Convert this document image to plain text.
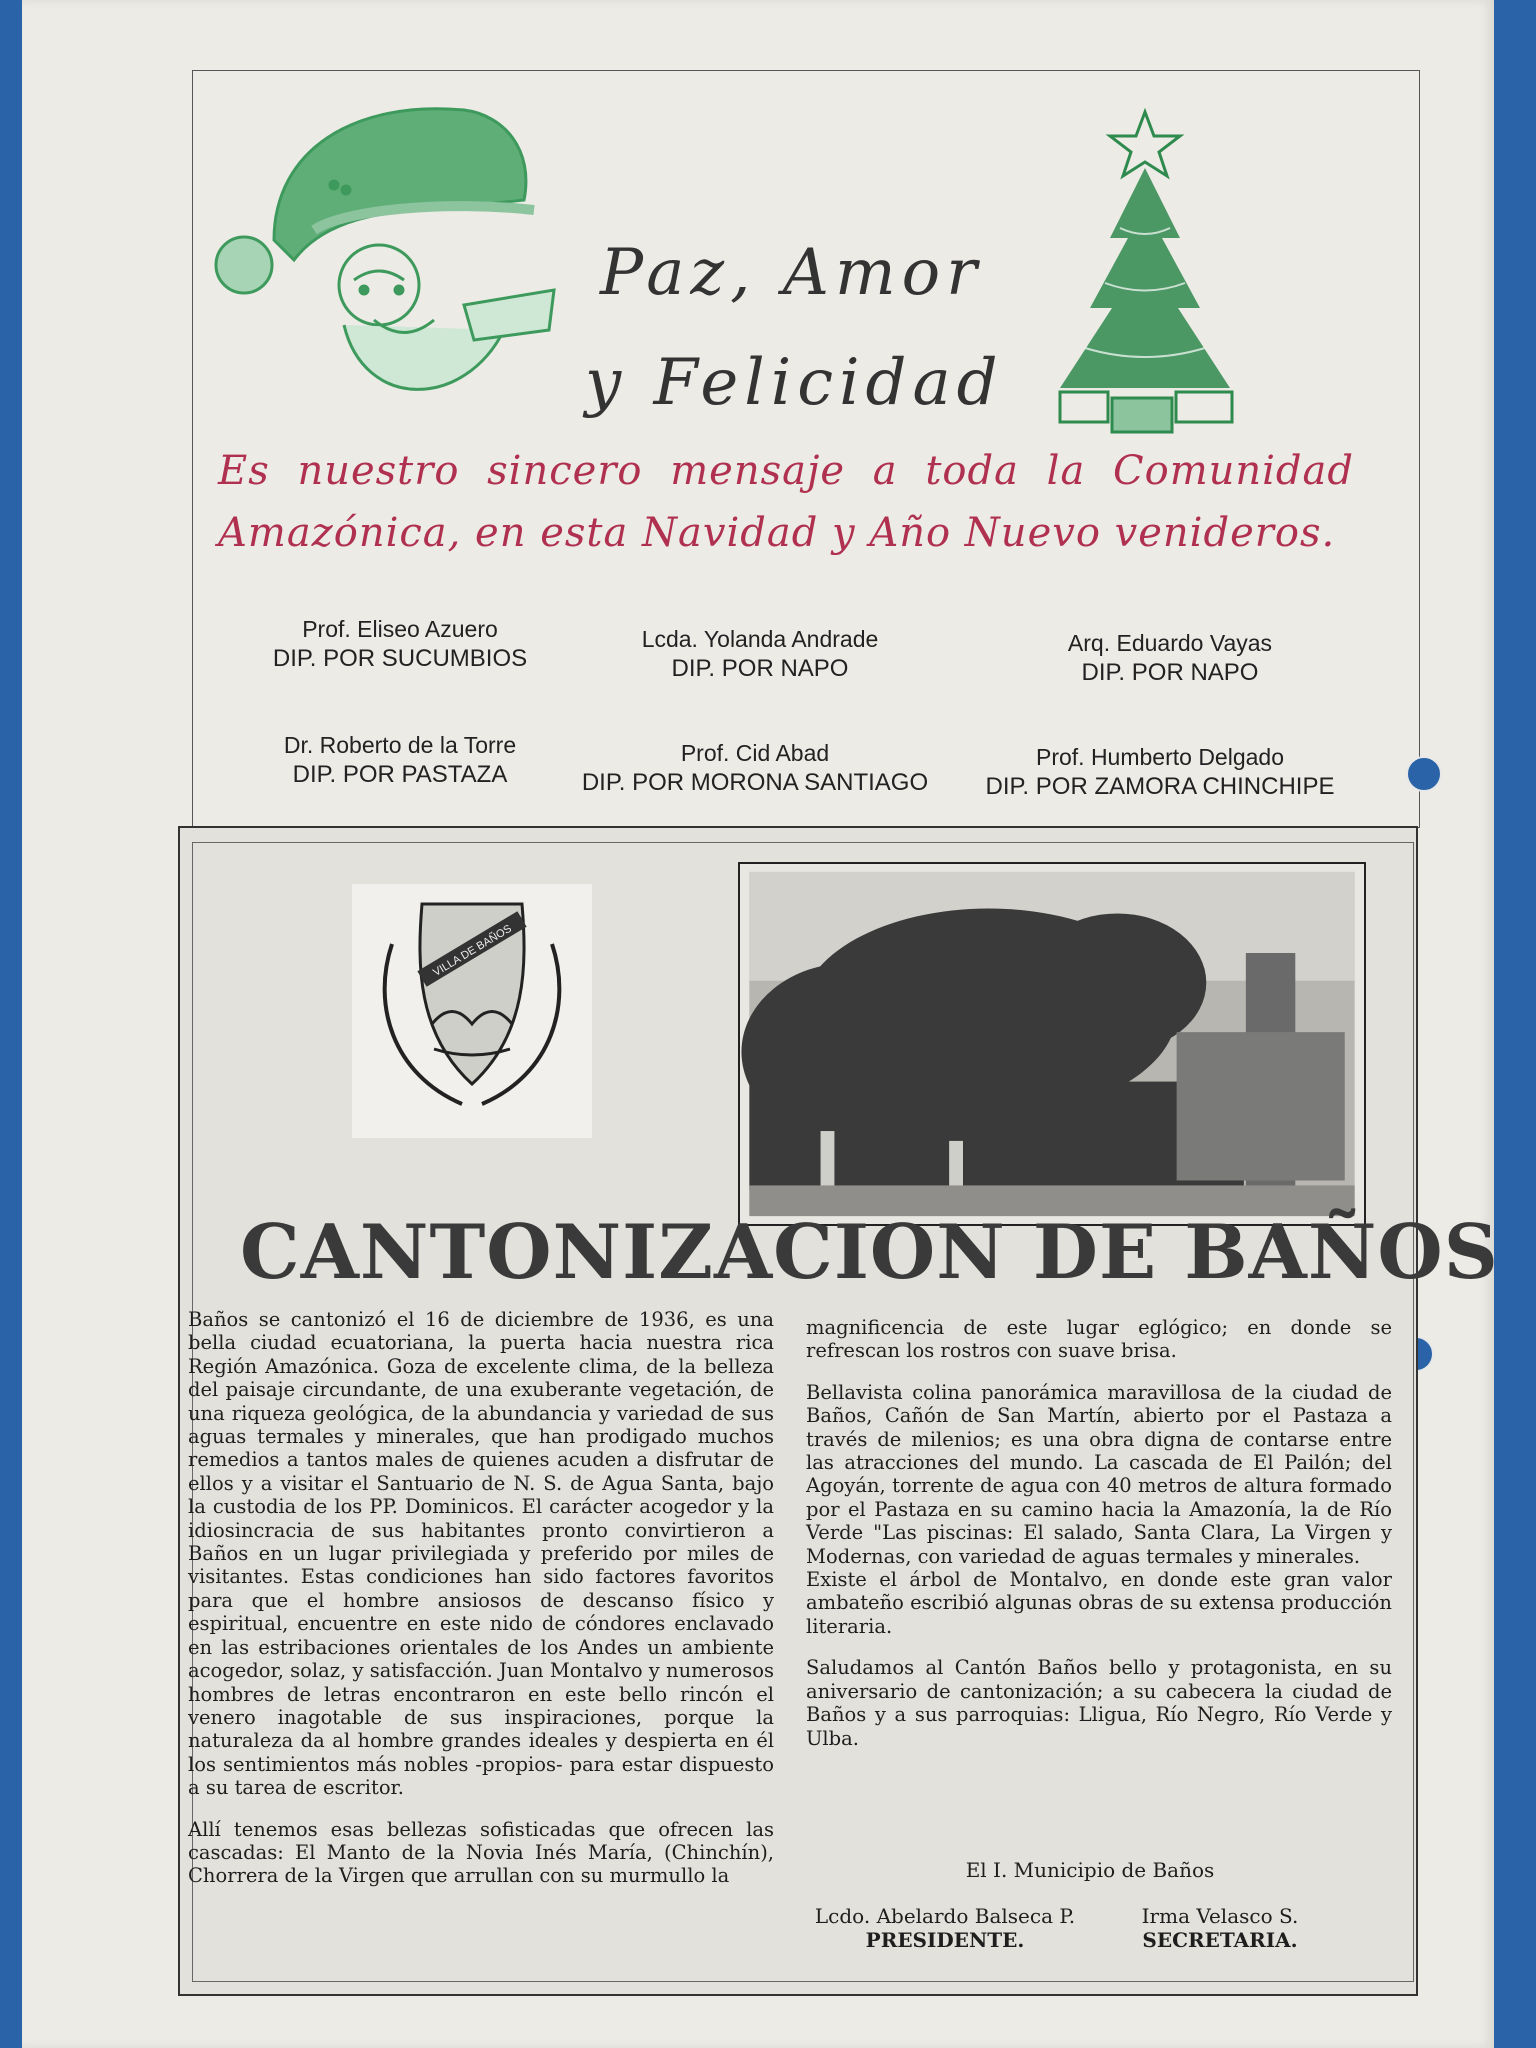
Paz, Amor
y Felicidad
Es nuestro sincero mensaje a toda la Comunidad
Amazónica, en esta Navidad y Año Nuevo venideros.
Prof. Eliseo Azuero
DIP. POR SUCUMBIOS
Lcda. Yolanda Andrade
DIP. POR NAPO
Arq. Eduardo Vayas
DIP. POR NAPO
Dr. Roberto de la Torre
DIP. POR PASTAZA
Prof. Cid Abad
DIP. POR MORONA SANTIAGO
Prof. Humberto Delgado
DIP. POR ZAMORA CHINCHIPE
VILLA DE BAÑOS
CANTONIZACION DE BAÑOS

Baños se cantonizó el 16 de diciembre de 1936, es una bella ciudad ecuatoriana, la puerta hacia nuestra rica Región Amazónica. Goza de excelente clima, de la belleza del paisaje circundante, de una exuberante vegetación, de una riqueza geológica, de la abundancia y variedad de sus aguas termales y minerales, que han prodigado muchos remedios a tantos males de quienes acuden a disfrutar de ellos y a visitar el Santuario de N. S. de Agua Santa, bajo la custodia de los PP. Dominicos. El carácter acogedor y la idiosincracia de sus habitantes pronto convirtieron a Baños en un lugar privilegiada y preferido por miles de visitantes. Estas condiciones han sido factores favoritos para que el hombre ansiosos de descanso físico y espiritual, encuentre en este nido de cóndores enclavado en las estribaciones orientales de los Andes un ambiente acogedor, solaz, y satisfacción. Juan Montalvo y numerosos hombres de letras encontraron en este bello rincón el venero inagotable de sus inspiraciones, porque la naturaleza da al hombre grandes ideales y despierta en él los sentimientos más nobles -propios- para estar dispuesto a su tarea de escritor.

Allí tenemos esas bellezas sofisticadas que ofrecen las cascadas: El Manto de la Novia Inés María, (Chinchín), Chorrera de la Virgen que arrullan con su murmullo la

magnificencia de este lugar eglógico; en donde se refrescan los rostros con suave brisa.

Bellavista colina panorámica maravillosa de la ciudad de Baños, Cañón de San Martín, abierto por el Pastaza a través de milenios; es una obra digna de contarse entre las atracciones del mundo. La cascada de El Pailón; del Agoyán, torrente de agua con 40 metros de altura formado por el Pastaza en su camino hacia la Amazonía, la de Río Verde "Las piscinas: El salado, Santa Clara, La Virgen y Modernas, con variedad de aguas termales y minerales.
Existe el árbol de Montalvo, en donde este gran valor ambateño escribió algunas obras de su extensa producción literaria.

Saludamos al Cantón Baños bello y protagonista, en su aniversario de cantonización; a su cabecera la ciudad de Baños y a sus parroquias: Lligua, Río Negro, Río Verde y Ulba.

El I. Municipio de Baños
Lcdo. Abelardo Balseca P.
PRESIDENTE.
Irma Velasco S.
SECRETARIA.
